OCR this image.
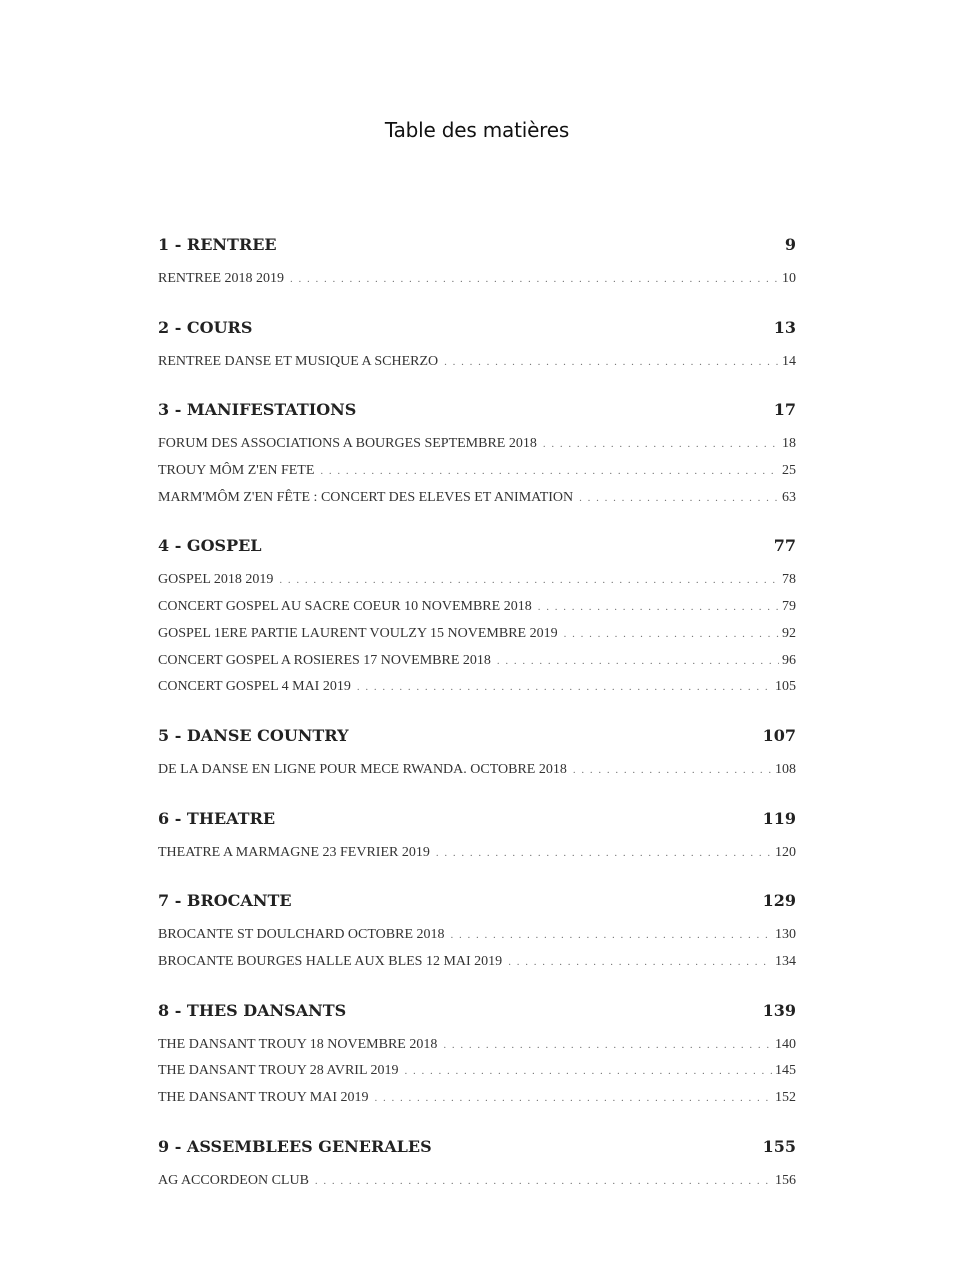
Table des matières
1 - RENTREE	9
RENTREE 2018 2019 . . .	10
2 - COURS	13
RENTREE DANSE ET MUSIQUE A SCHERZO . . .	14
3 - MANIFESTATIONS	17
FORUM DES ASSOCIATIONS A BOURGES SEPTEMBRE 2018 . . .	18
TROUY MÔM Z'EN FETE . . .	25
MARM'MÔM Z'EN FÊTE : CONCERT DES ELEVES ET ANIMATION . . .	63
4 - GOSPEL	77
GOSPEL 2018 2019 . . .	78
CONCERT GOSPEL AU SACRE COEUR 10 NOVEMBRE 2018 . . .	79
GOSPEL 1ERE PARTIE LAURENT VOULZY 15 NOVEMBRE 2019 . . .	92
CONCERT GOSPEL A ROSIERES 17 NOVEMBRE 2018 . . .	96
CONCERT GOSPEL 4 MAI 2019 . . .	105
5 - DANSE COUNTRY	107
DE LA DANSE EN LIGNE POUR MECE RWANDA. OCTOBRE 2018 . . .	108
6 - THEATRE	119
THEATRE A MARMAGNE 23 FEVRIER 2019 . . .	120
7 - BROCANTE	129
BROCANTE ST DOULCHARD OCTOBRE 2018 . . .	130
BROCANTE BOURGES HALLE AUX BLES 12 MAI 2019 . . .	134
8 - THES DANSANTS	139
THE DANSANT TROUY 18 NOVEMBRE 2018 . . .	140
THE DANSANT TROUY 28 AVRIL 2019 . . .	145
THE DANSANT TROUY MAI 2019 . . .	152
9 - ASSEMBLEES GENERALES	155
AG ACCORDEON CLUB . . .	156
